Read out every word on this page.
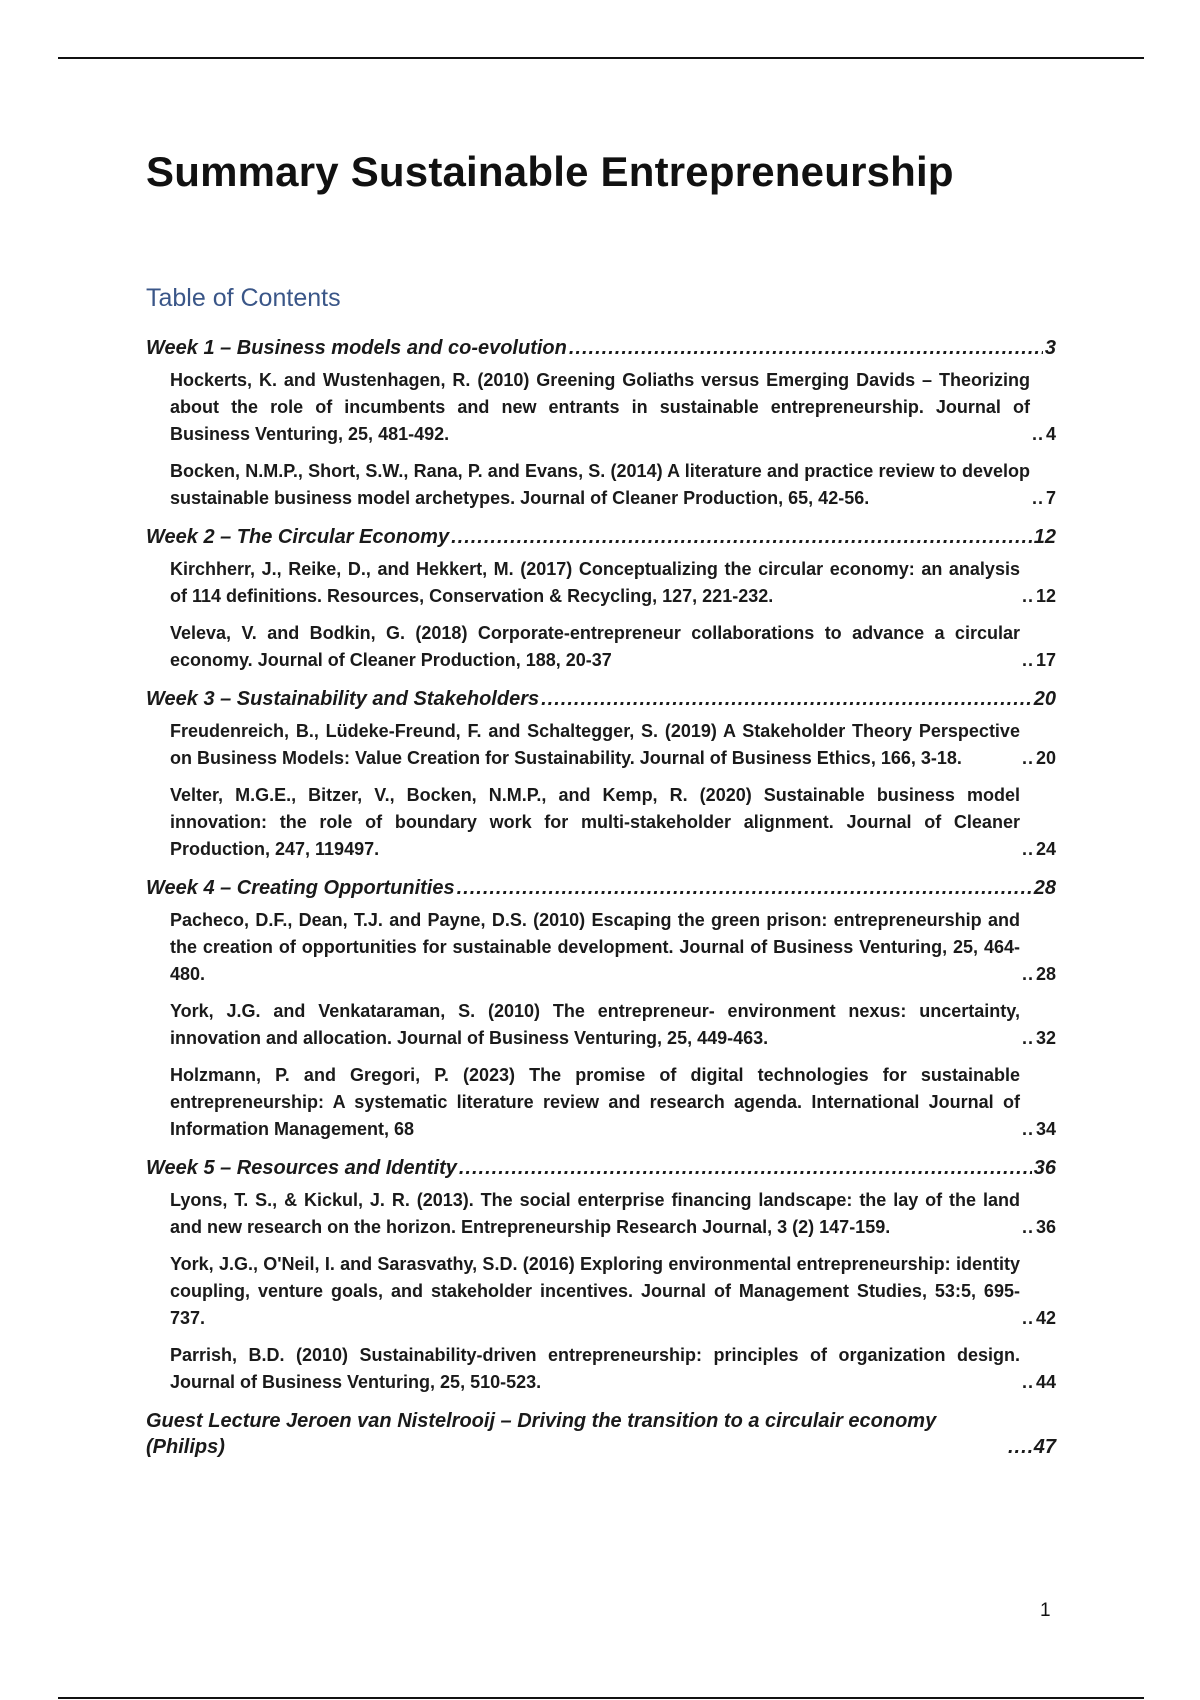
Summary Sustainable Entrepreneurship
Table of Contents
Week 1 – Business models and co-evolution .....	3
Hockerts, K. and Wustenhagen, R. (2010) Greening Goliaths versus Emerging Davids – Theorizing about the role of incumbents and new entrants in sustainable entrepreneurship. Journal of Business Venturing, 25, 481-492. .....	4
Bocken, N.M.P., Short, S.W., Rana, P. and Evans, S. (2014) A literature and practice review to develop sustainable business model archetypes. Journal of Cleaner Production, 65, 42-56. .....	7
Week 2 – The Circular Economy .....	12
Kirchherr, J., Reike, D., and Hekkert, M. (2017) Conceptualizing the circular economy: an analysis of 114 definitions. Resources, Conservation & Recycling, 127, 221-232. .....	12
Veleva, V. and Bodkin, G. (2018) Corporate-entrepreneur collaborations to advance a circular economy. Journal of Cleaner Production, 188, 20-37 .....	17
Week 3 – Sustainability and Stakeholders .....	20
Freudenreich, B., Lüdeke-Freund, F. and Schaltegger, S. (2019) A Stakeholder Theory Perspective on Business Models: Value Creation for Sustainability. Journal of Business Ethics, 166, 3-18. .....	20
Velter, M.G.E., Bitzer, V., Bocken, N.M.P., and Kemp, R. (2020) Sustainable business model innovation: the role of boundary work for multi-stakeholder alignment. Journal of Cleaner Production, 247, 119497. .....	24
Week 4 – Creating Opportunities .....	28
Pacheco, D.F., Dean, T.J. and Payne, D.S. (2010) Escaping the green prison: entrepreneurship and the creation of opportunities for sustainable development. Journal of Business Venturing, 25, 464-480. .....	28
York, J.G. and Venkataraman, S. (2010) The entrepreneur- environment nexus: uncertainty, innovation and allocation. Journal of Business Venturing, 25, 449-463. .....	32
Holzmann, P. and Gregori, P. (2023) The promise of digital technologies for sustainable entrepreneurship: A systematic literature review and research agenda. International Journal of Information Management, 68 .....	34
Week 5 – Resources and Identity .....	36
Lyons, T. S., & Kickul, J. R. (2013). The social enterprise financing landscape: the lay of the land and new research on the horizon. Entrepreneurship Research Journal, 3 (2) 147-159. .....	36
York, J.G., O'Neil, I. and Sarasvathy, S.D. (2016) Exploring environmental entrepreneurship: identity coupling, venture goals, and stakeholder incentives. Journal of Management Studies, 53:5, 695-737. .....	42
Parrish, B.D. (2010) Sustainability-driven entrepreneurship: principles of organization design. Journal of Business Venturing, 25, 510-523. .....	44
Guest Lecture Jeroen van Nistelrooij – Driving the transition to a circulair economy (Philips) .....	47
1
